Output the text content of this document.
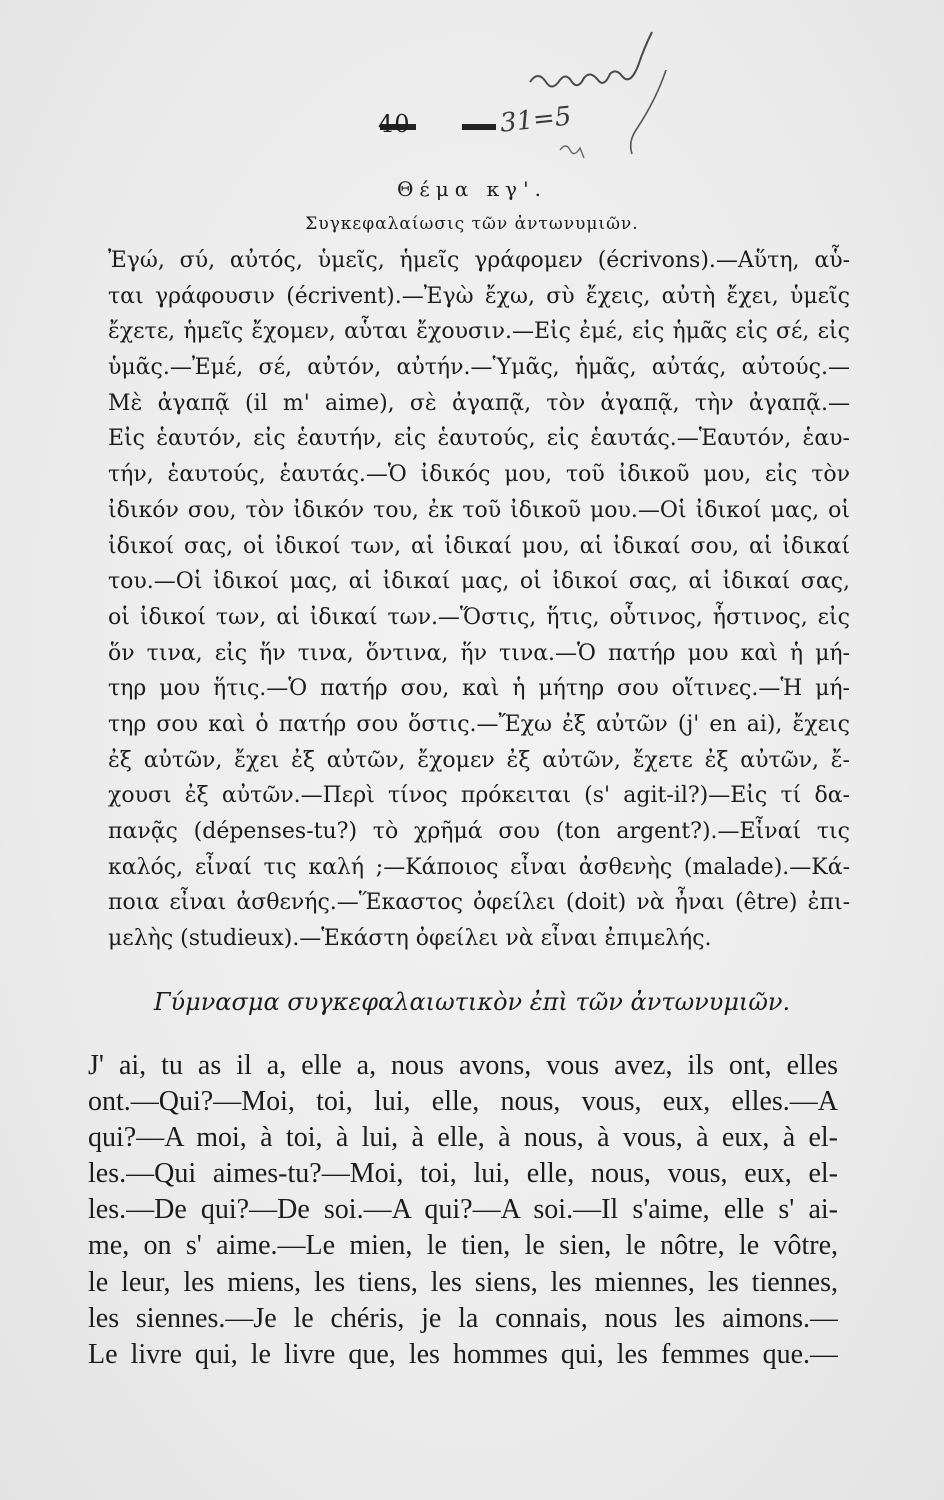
40	31=5
Θέμα κγ'.
Συγκεφαλαίωσις τῶν ἀντωνυμιῶν.
Ἐγώ, σύ, αὐτός, ὑμεῖς, ἡμεῖς γράφομεν (écrivons).—Αὕτη, αὗ-
ται γράφουσιν (écrivent).—Ἐγὼ ἔχω, σὺ ἔχεις, αὐτὴ ἔχει, ὑμεῖς
ἔχετε, ἡμεῖς ἔχομεν, αὗται ἔχουσιν.—Εἰς ἐμέ, εἰς ἡμᾶς εἰς σέ, εἰς
ὑμᾶς.—Ἐμέ, σέ, αὐτόν, αὐτήν.—Ὑμᾶς, ἡμᾶς, αὐτάς, αὐτούς.—
Μὲ ἀγαπᾷ (il m' aime), σὲ ἀγαπᾷ, τὸν ἀγαπᾷ, τὴν ἀγαπᾷ.—
Εἰς ἑαυτόν, εἰς ἑαυτήν, εἰς ἑαυτούς, εἰς ἑαυτάς.—Ἑαυτόν, ἑαυ-
τήν, ἑαυτούς, ἑαυτάς.—Ὁ ἰδικός μου, τοῦ ἰδικοῦ μου, εἰς τὸν
ἰδικόν σου, τὸν ἰδικόν του, ἐκ τοῦ ἰδικοῦ μου.—Οἱ ἰδικοί μας, οἱ
ἰδικοί σας, οἱ ἰδικοί των, αἱ ἰδικαί μου, αἱ ἰδικαί σου, αἱ ἰδικαί
του.—Οἱ ἰδικοί μας, αἱ ἰδικαί μας, οἱ ἰδικοί σας, αἱ ἰδικαί σας,
οἱ ἰδικοί των, αἱ ἰδικαί των.—Ὅστις, ἥτις, οὗτινος, ἧστινος, εἰς
ὅν τινα, εἰς ἥν τινα, ὅντινα, ἥν τινα.—Ὁ πατήρ μου καὶ ἡ μή-
τηρ μου ἥτις.—Ὁ πατήρ σου, καὶ ἡ μήτηρ σου οἵτινες.—Ἡ μή-
τηρ σου καὶ ὁ πατήρ σου ὅστις.—Ἔχω ἐξ αὐτῶν (j' en ai), ἔχεις
ἐξ αὐτῶν, ἔχει ἐξ αὐτῶν, ἔχομεν ἐξ αὐτῶν, ἔχετε ἐξ αὐτῶν, ἔ-
χουσι ἐξ αὐτῶν.—Περὶ τίνος πρόκειται (s' agit-il?)—Εἰς τί δα-
πανᾷς (dépenses-tu?) τὸ χρῆμά σου (ton argent?).—Εἶναί τις
καλός, εἶναί τις καλή ;—Κάποιος εἶναι ἀσθενὴς (malade).—Κά-
ποια εἶναι ἀσθενής.—Ἕκαστος ὀφείλει (doit) νὰ ἦναι (être) ἐπι-
μελὴς (studieux).—Ἑκάστη ὀφείλει νὰ εἶναι ἐπιμελής.
Γύμνασμα συγκεφαλαιωτικὸν ἐπὶ τῶν ἀντωνυμιῶν.
J' ai, tu as il a, elle a, nous avons, vous avez, ils ont, elles
ont.—Qui?—Moi, toi, lui, elle, nous, vous, eux, elles.—A
qui?—A moi, à toi, à lui, à elle, à nous, à vous, à eux, à el-
les.—Qui aimes-tu?—Moi, toi, lui, elle, nous, vous, eux, el-
les.—De qui?—De soi.—A qui?—A soi.—Il s'aime, elle s' ai-
me, on s' aime.—Le mien, le tien, le sien, le nôtre, le vôtre,
le leur, les miens, les tiens, les siens, les miennes, les tiennes,
les siennes.—Je le chéris, je la connais, nous les aimons.—
Le livre qui, le livre que, les hommes qui, les femmes que.—
